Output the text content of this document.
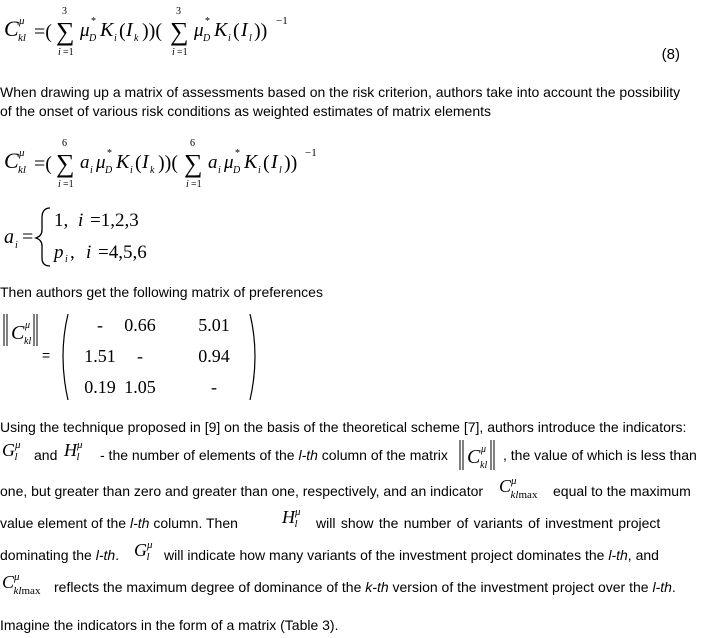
C μ
kl =( ∑
3
i =1
μ *
D K i ( I k ))( ∑
3
i =1
μ *
D K i ( I l )) −1
(8)
When drawing up a matrix of assessments based on the risk criterion, authors take into account the possibility
of the onset of various risk conditions as weighted estimates of matrix elements
C μ
kl =( ∑
6
i =1
a i μ *
D K i ( I k ))( ∑
6
i =1
a i μ *
D K i ( I l )) −1
a i =
1, i =1,2,3
p i , i =4,5,6
Then authors get the following matrix of preferences
C μ
kl
=
- 0.66 5.01
1.51 -	0.94
0.19 1.05	-
Using the technique proposed in [9] on the basis of the theoretical scheme [7], authors introduce the indicators:
$G^\mu_l$	and $H^\mu_l$	- the number of elements of the l-th column of the matrix C μ
kl
, the value of which is less than
one, but greater than zero and greater than one, respectively, and an indicator $C^\mu_{klmax}$	equal to the maximum
value element of the l-th column. Then $H^\mu_l$	will show the number of variants of investment project
dominating the l-th. $G^\mu_l$	will indicate how many variants of the investment project dominates the l-th, and
$C^\mu_{klmax}$ reflects the maximum degree of dominance of the k-th version of the investment project over the l-th.
Imagine the indicators in the form of a matrix (Table 3).
